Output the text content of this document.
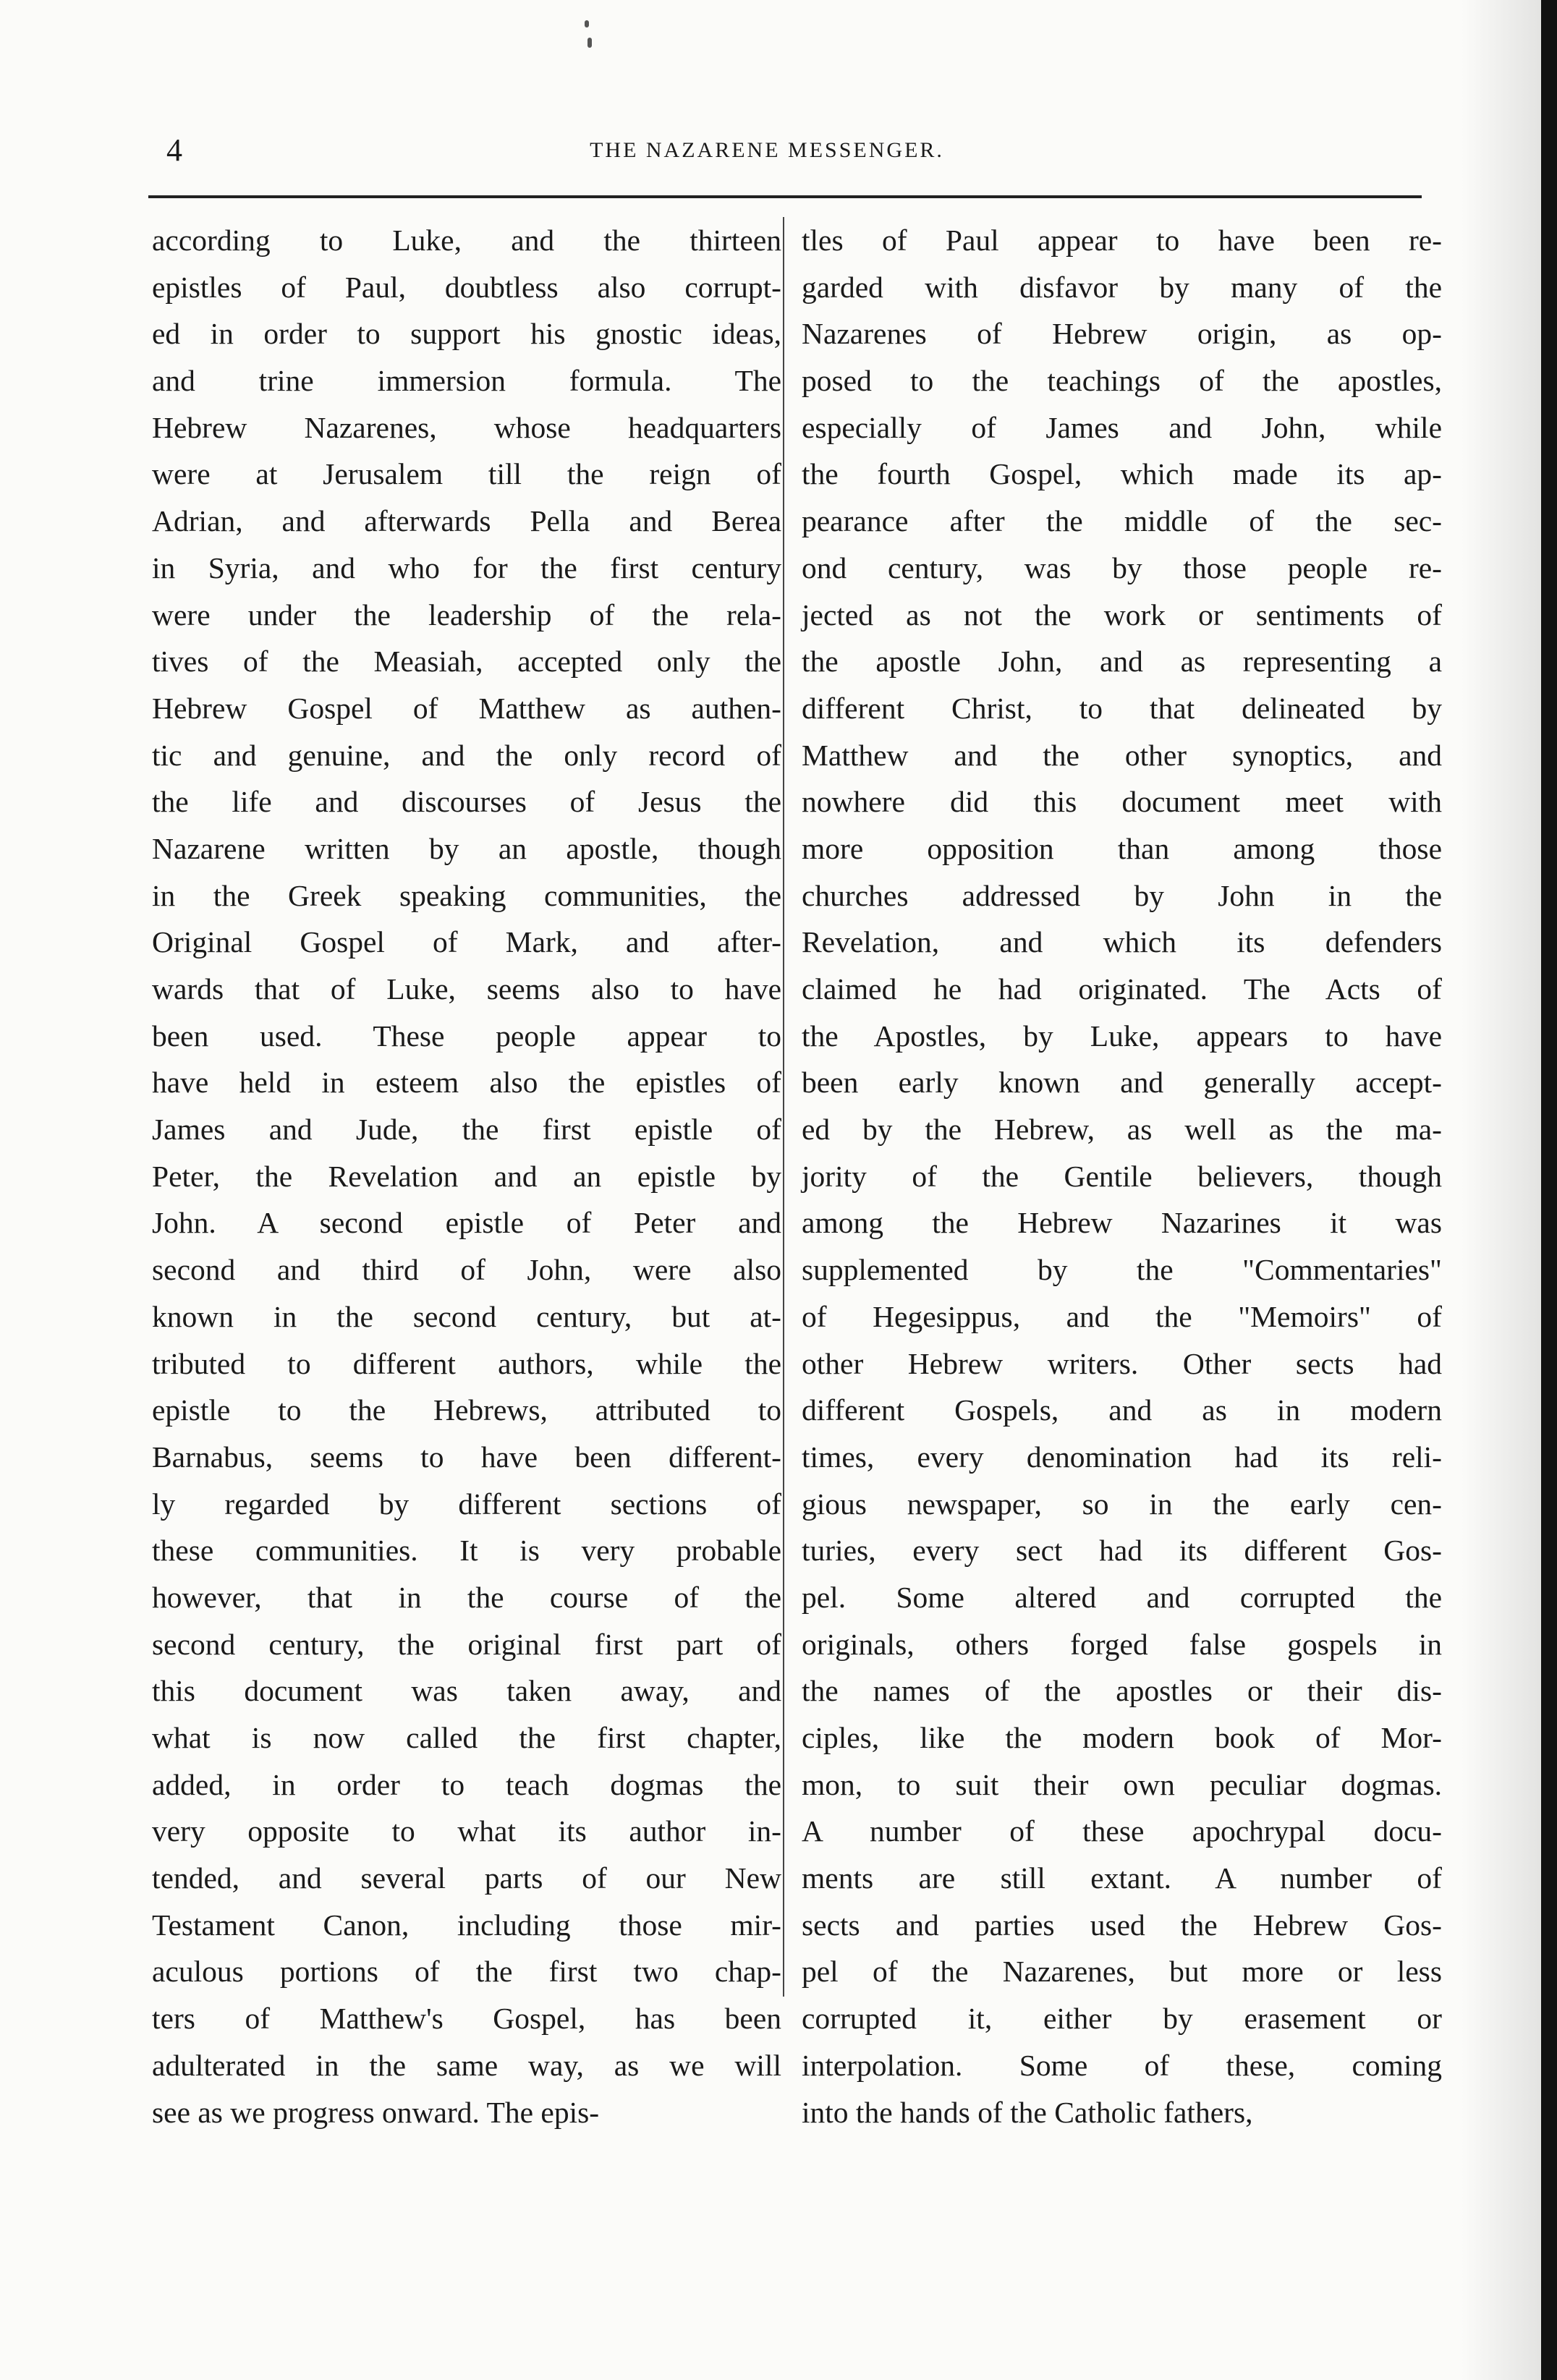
4	THE NAZARENE MESSENGER.
according to Luke, and the thirteen
epistles of Paul, doubtless also corrupt-
ed in order to support his gnostic ideas,
and trine immersion formula. The
Hebrew Nazarenes, whose headquarters
were at Jerusalem till the reign of
Adrian, and afterwards Pella and Berea
in Syria, and who for the first century
were under the leadership of the rela-
tives of the Measiah, accepted only the
Hebrew Gospel of Matthew as authen-
tic and genuine, and the only record of
the life and discourses of Jesus the
Nazarene written by an apostle, though
in the Greek speaking communities, the
Original Gospel of Mark, and after-
wards that of Luke, seems also to have
been used. These people appear to
have held in esteem also the epistles of
James and Jude, the first epistle of
Peter, the Revelation and an epistle by
John. A second epistle of Peter and
second and third of John, were also
known in the second century, but at-
tributed to different authors, while the
epistle to the Hebrews, attributed to
Barnabus, seems to have been different-
ly regarded by different sections of
these communities. It is very probable
however, that in the course of the
second century, the original first part of
this document was taken away, and
what is now called the first chapter,
added, in order to teach dogmas the
very opposite to what its author in-
tended, and several parts of our New
Testament Canon, including those mir-
aculous portions of the first two chap-
ters of Matthew's Gospel, has been
adulterated in the same way, as we will
see as we progress onward. The epis-
tles of Paul appear to have been re-
garded with disfavor by many of the
Nazarenes of Hebrew origin, as op-
posed to the teachings of the apostles,
especially of James and John, while
the fourth Gospel, which made its ap-
pearance after the middle of the sec-
ond century, was by those people re-
jected as not the work or sentiments of
the apostle John, and as representing a
different Christ, to that delineated by
Matthew and the other synoptics, and
nowhere did this document meet with
more opposition than among those
churches addressed by John in the
Revelation, and which its defenders
claimed he had originated. The Acts of
the Apostles, by Luke, appears to have
been early known and generally accept-
ed by the Hebrew, as well as the ma-
jority of the Gentile believers, though
among the Hebrew Nazarines it was
supplemented by the "Commentaries"
of Hegesippus, and the "Memoirs" of
other Hebrew writers. Other sects had
different Gospels, and as in modern
times, every denomination had its reli-
gious newspaper, so in the early cen-
turies, every sect had its different Gos-
pel. Some altered and corrupted the
originals, others forged false gospels in
the names of the apostles or their dis-
ciples, like the modern book of Mor-
mon, to suit their own peculiar dogmas.
A number of these apochrypal docu-
ments are still extant. A number of
sects and parties used the Hebrew Gos-
pel of the Nazarenes, but more or less
corrupted it, either by erasement or
interpolation. Some of these, coming
into the hands of the Catholic fathers,
